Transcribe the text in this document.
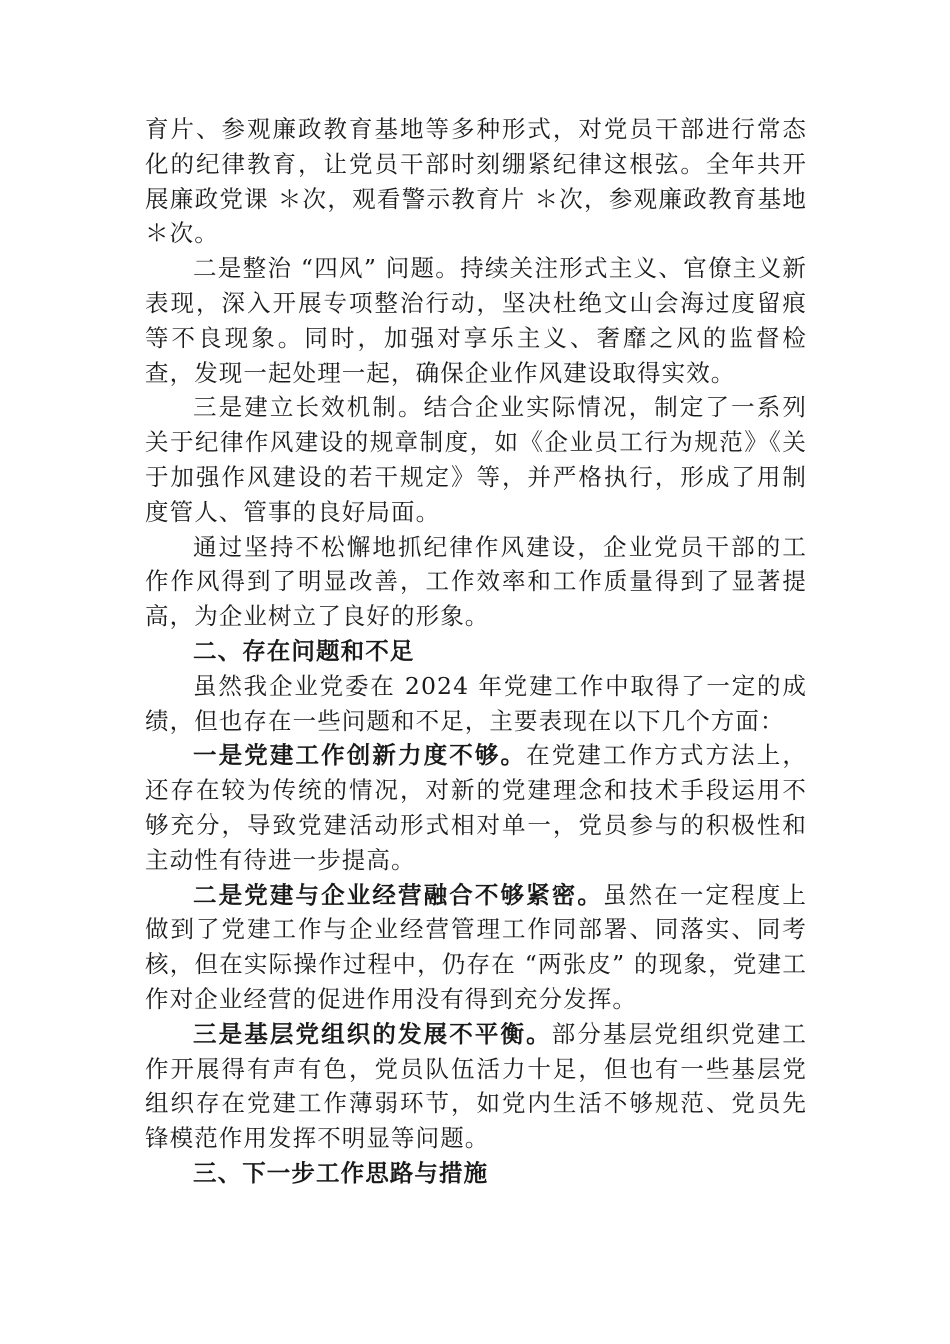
育片、参观廉政教育基地等多种形式，对党员干部进行常态化的纪律教育，让党员干部时刻绷紧纪律这根弦。全年共开展廉政党课 ＊次，观看警示教育片 ＊次，参观廉政教育基地 ＊次。

二是整治 “四风” 问题。持续关注形式主义、官僚主义新表现，深入开展专项整治行动，坚决杜绝文山会海过度留痕等不良现象。同时，加强对享乐主义、奢靡之风的监督检查，发现一起处理一起，确保企业作风建设取得实效。

三是建立长效机制。结合企业实际情况，制定了一系列关于纪律作风建设的规章制度，如《企业员工行为规范》《关于加强作风建设的若干规定》等，并严格执行，形成了用制度管人、管事的良好局面。

通过坚持不松懈地抓纪律作风建设，企业党员干部的工作作风得到了明显改善，工作效率和工作质量得到了显著提高，为企业树立了良好的形象。

二、存在问题和不足

虽然我企业党委在 2024 年党建工作中取得了一定的成绩，但也存在一些问题和不足，主要表现在以下几个方面：

一是党建工作创新力度不够。在党建工作方式方法上，还存在较为传统的情况，对新的党建理念和技术手段运用不够充分，导致党建活动形式相对单一，党员参与的积极性和主动性有待进一步提高。

二是党建与企业经营融合不够紧密。虽然在一定程度上做到了党建工作与企业经营管理工作同部署、同落实、同考核，但在实际操作过程中，仍存在 “两张皮” 的现象，党建工作对企业经营的促进作用没有得到充分发挥。

三是基层党组织的发展不平衡。部分基层党组织党建工作开展得有声有色，党员队伍活力十足，但也有一些基层党组织存在党建工作薄弱环节，如党内生活不够规范、党员先锋模范作用发挥不明显等问题。

三、下一步工作思路与措施
